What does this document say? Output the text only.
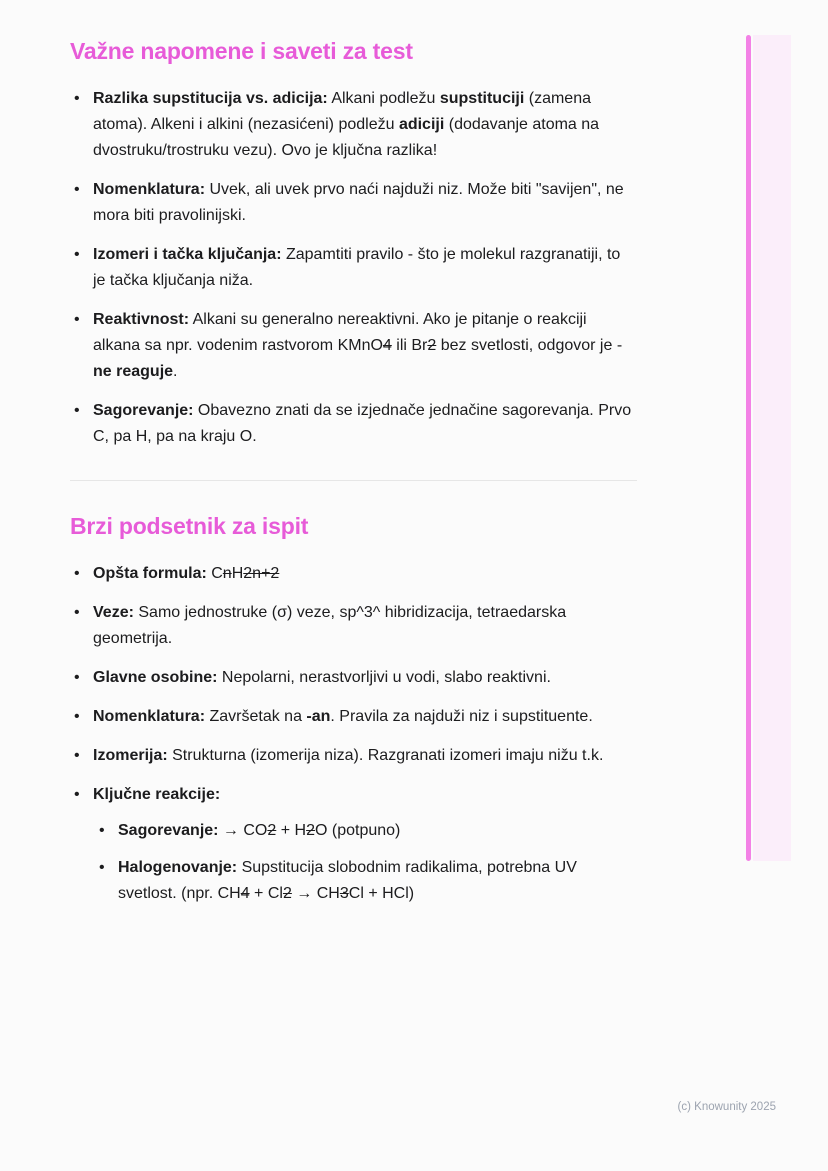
Važne napomene i saveti za test
• Razlika supstitucija vs. adicija: Alkani podležu supstituciji (zamena atoma). Alkeni i alkini (nezasićeni) podležu adiciji (dodavanje atoma na dvostruku/trostruku vezu). Ovo je ključna razlika!
• Nomenklatura: Uvek, ali uvek prvo naći najduži niz. Može biti "savijen", ne mora biti pravolinijski.
• Izomeri i tačka ključanja: Zapamtiti pravilo - što je molekul razgranatiji, to je tačka ključanja niža.
• Reaktivnost: Alkani su generalno nereaktivni. Ako je pitanje o reakciji alkana sa npr. vodenim rastvorom KMnO4 ili Br2 bez svetlosti, odgovor je - ne reaguje.
• Sagorevanje: Obavezno znati da se izjednače jednačine sagorevanja. Prvo C, pa H, pa na kraju O.
Brzi podsetnik za ispit
• Opšta formula: CnH2n+2
• Veze: Samo jednostruke (σ) veze, sp^3^ hibridizacija, tetraedarska geometrija.
• Glavne osobine: Nepolarni, nerastvorljivi u vodi, slabo reaktivni.
• Nomenklatura: Završetak na -an. Pravila za najduži niz i supstituente.
• Izomerija: Strukturna (izomerija niza). Razgranati izomeri imaju nižu t.k.
• Ključne reakcije:
• Sagorevanje: → CO2 + H2O (potpuno)
• Halogenovanje: Supstitucija slobodnim radikalima, potrebna UV svetlost. (npr. CH4 + Cl2 → CH3Cl + HCl)
(c) Knowunity 2025
